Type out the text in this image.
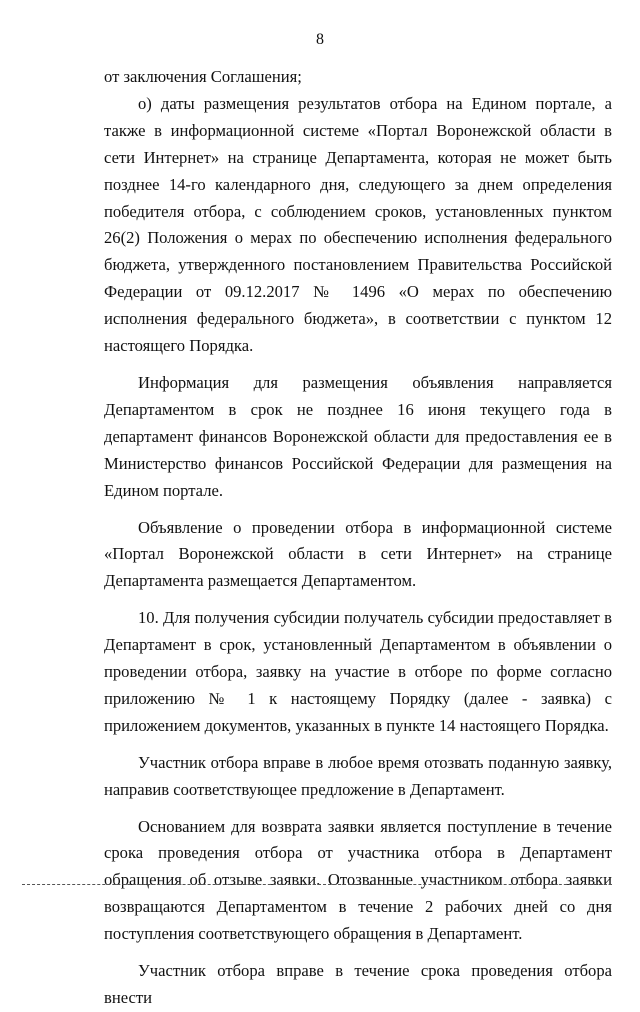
8

от заключения Соглашения;

о) даты размещения результатов отбора на Едином портале, а также в информационной системе «Портал Воронежской области в сети Интернет» на странице Департамента, которая не может быть позднее 14-го календарного дня, следующего за днем определения победителя отбора, с соблюдением сроков, установленных пунктом 26(2) Положения о мерах по обеспечению исполнения федерального бюджета, утвержденного постановлением Правительства Российской Федерации от 09.12.2017 № 1496 «О мерах по обеспечению исполнения федерального бюджета», в соответствии с пунктом 12 настоящего Порядка.

Информация для размещения объявления направляется Департаментом в срок не позднее 16 июня текущего года в департамент финансов Воронежской области для предоставления ее в Министерство финансов Российской Федерации для размещения на Едином портале.

Объявление о проведении отбора в информационной системе «Портал Воронежской области в сети Интернет» на странице Департамента размещается Департаментом.

10. Для получения субсидии получатель субсидии предоставляет в Департамент в срок, установленный Департаментом в объявлении о проведении отбора, заявку на участие в отборе по форме согласно приложению № 1 к настоящему Порядку (далее - заявка) с приложением документов, указанных в пункте 14 настоящего Порядка.

Участник отбора вправе в любое время отозвать поданную заявку, направив соответствующее предложение в Департамент.

Основанием для возврата заявки является поступление в течение срока проведения отбора от участника отбора в Департамент обращения об отзыве заявки. Отозванные участником отбора заявки возвращаются Департаментом в течение 2 рабочих дней со дня поступления соответствующего обращения в Департамент.

Участник отбора вправе в течение срока проведения отбора внести
